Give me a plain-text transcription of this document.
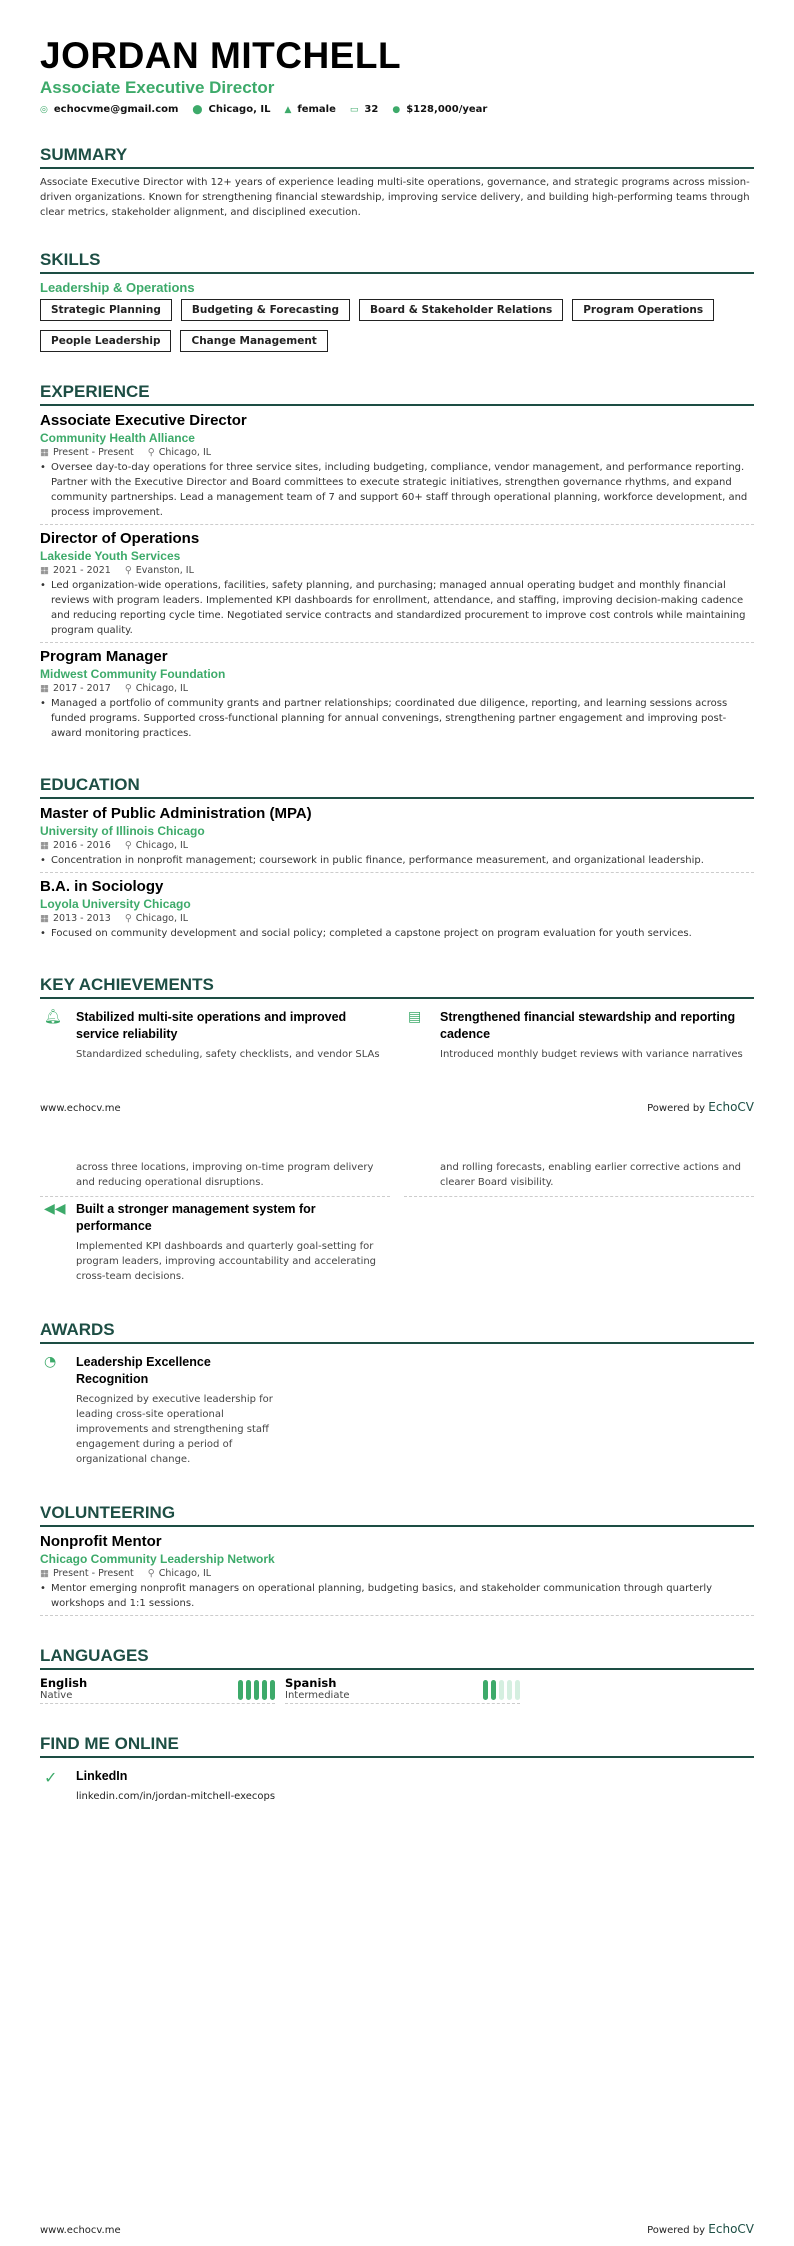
JORDAN MITCHELL
Associate Executive Director
◎ echocvme@gmail.com ⬤ Chicago, IL ▲ female ▭ 32 ● $128,000/year
SUMMARY
Associate Executive Director with 12+ years of experience leading multi-site operations, governance, and strategic programs across mission-driven organizations. Known for strengthening financial stewardship, improving service delivery, and building high-performing teams through clear metrics, stakeholder alignment, and disciplined execution.
SKILLS
Leadership & Operations
Strategic Planning	Budgeting & Forecasting	Board & Stakeholder Relations	Program Operations
People Leadership	Change Management
EXPERIENCE
Associate Executive Director
Community Health Alliance
▦ Present - Present ⚲ Chicago, IL
• Oversee day-to-day operations for three service sites, including budgeting, compliance, vendor management, and performance reporting. Partner with the Executive Director and Board committees to execute strategic initiatives, strengthen governance rhythms, and expand community partnerships. Lead a management team of 7 and support 60+ staff through operational planning, workforce development, and process improvement.
Director of Operations
Lakeside Youth Services
▦ 2021 - 2021 ⚲ Evanston, IL
• Led organization-wide operations, facilities, safety planning, and purchasing; managed annual operating budget and monthly financial reviews with program leaders. Implemented KPI dashboards for enrollment, attendance, and staffing, improving decision-making cadence and reducing reporting cycle time. Negotiated service contracts and standardized procurement to improve cost controls while maintaining program quality.
Program Manager
Midwest Community Foundation
▦ 2017 - 2017 ⚲ Chicago, IL
• Managed a portfolio of community grants and partner relationships; coordinated due diligence, reporting, and learning sessions across funded programs. Supported cross-functional planning for annual convenings, strengthening partner engagement and improving post-award monitoring practices.
EDUCATION
Master of Public Administration (MPA)
University of Illinois Chicago
▦ 2016 - 2016 ⚲ Chicago, IL
• Concentration in nonprofit management; coursework in public finance, performance measurement, and organizational leadership.
B.A. in Sociology
Loyola University Chicago
▦ 2013 - 2013 ⚲ Chicago, IL
• Focused on community development and social policy; completed a capstone project on program evaluation for youth services.
KEY ACHIEVEMENTS
🔔︎	Stabilized multi-site operations and improved service reliability

Standardized scheduling, safety checklists, and vendor SLAs

▤	Strengthened financial stewardship and reporting cadence

Introduced monthly budget reviews with variance narratives

www.echocv.me	Powered by EchoCV

across three locations, improving on-time program delivery and reducing operational disruptions.

and rolling forecasts, enabling earlier corrective actions and clearer Board visibility.

◀◀ Built a stronger management system for performance

Implemented KPI dashboards and quarterly goal-setting for program leaders, improving accountability and accelerating cross-team decisions.

AWARDS
◔	Leadership Excellence Recognition

Recognized by executive leadership for leading cross-site operational improvements and strengthening staff engagement during a period of organizational change.

VOLUNTEERING
Nonprofit Mentor
Chicago Community Leadership Network
▦ Present - Present ⚲ Chicago, IL
• Mentor emerging nonprofit managers on operational planning, budgeting basics, and stakeholder communication through quarterly workshops and 1:1 sessions.
LANGUAGES
English
Native
Spanish
Intermediate
FIND ME ONLINE
✓	LinkedIn

linkedin.com/in/jordan-mitchell-execops

www.echocv.me	Powered by EchoCV
